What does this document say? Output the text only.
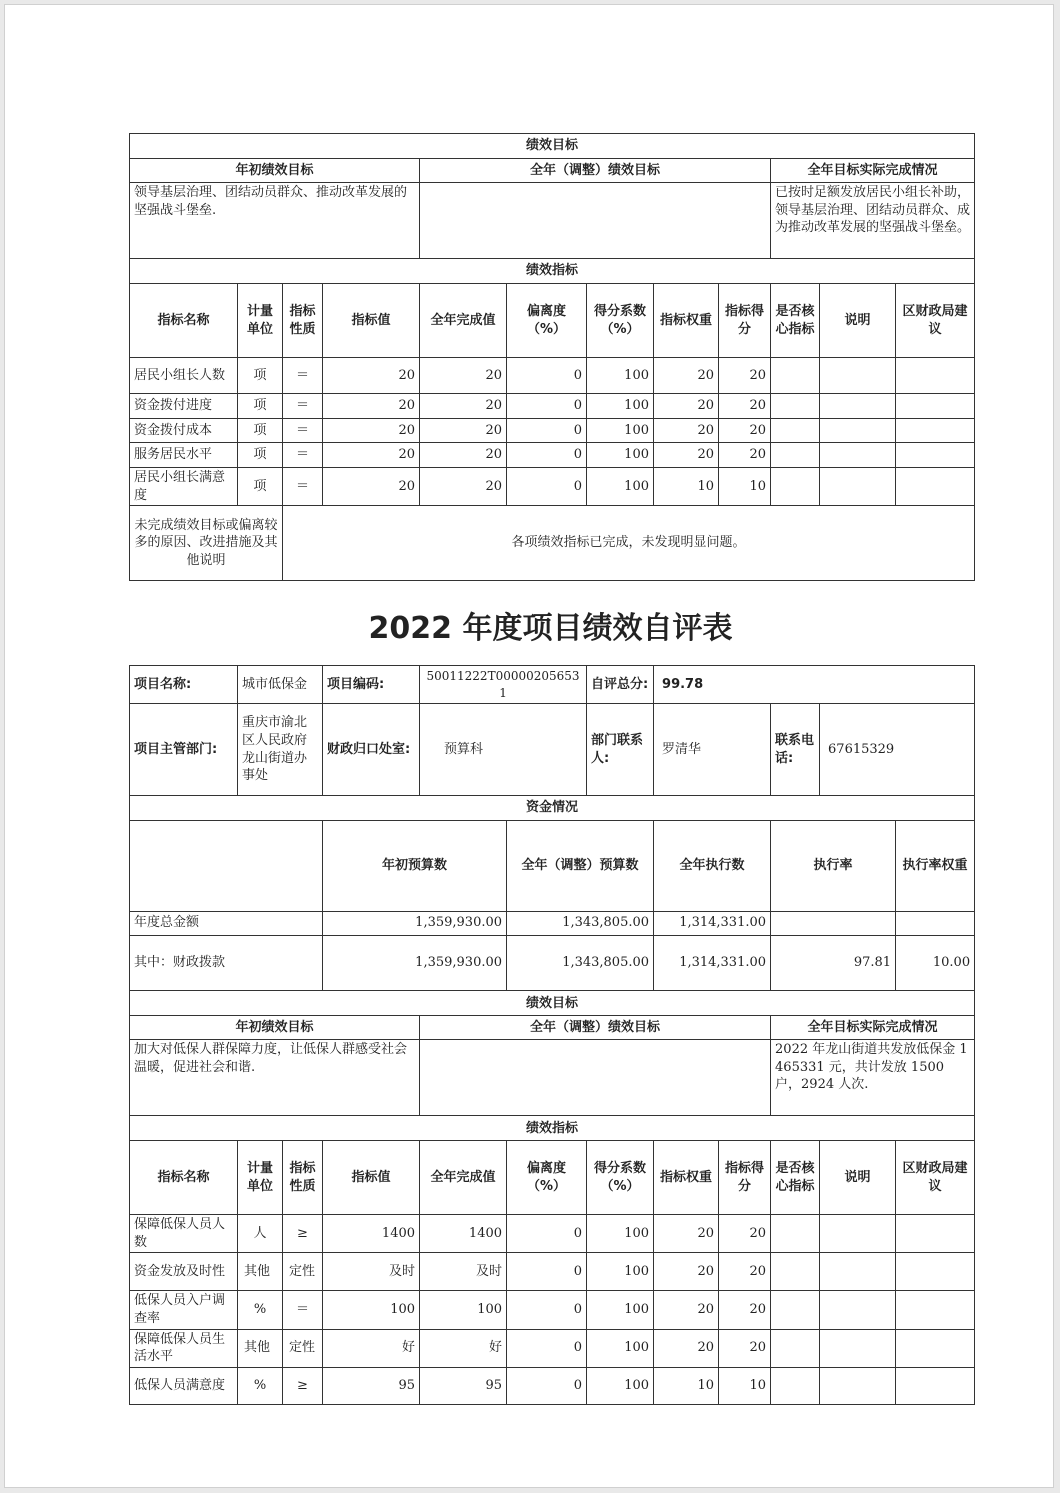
绩效目标											
年初绩效目标				全年（调整）绩效目标					全年目标实际完成情况		
领导基层治理、团结动员群众、推动改革发展的坚强战斗堡垒.									已按时足额发放居民小组长补助，领导基层治理、团结动员群众、成为推动改革发展的坚强战斗堡垒。		
绩效指标											
指标名称	计量单位	指标性质	指标值	全年完成值	偏离度（%）	得分系数（%）	指标权重	指标得分	是否核心指标	说明	区财政局建议
居民小组长人数	项	＝	20	20	0	100	20	20			
资金拨付进度	项	＝	20	20	0	100	20	20			
资金拨付成本	项	＝	20	20	0	100	20	20			
服务居民水平	项	＝	20	20	0	100	20	20			
居民小组长满意度	项	＝	20	20	0	100	10	10			
未完成绩效目标或偏离较多的原因、改进措施及其他说明		各项绩效指标已完成，未发现明显问题。									
2022 年度项目绩效自评表
项目名称:	城市低保金		项目编码:	50011222T000002056531		自评总分:	99.78					
项目主管部门:	重庆市渝北区人民政府龙山街道办事处		财政归口处室:	预算科		部门联系人:	罗清华		联系电话:	67615329		
资金情况												
			年初预算数		全年（调整）预算数		全年执行数		执行率		执行率权重	
年度总金额			1,359,930.00		1,343,805.00		1,314,331.00					
其中：财政拨款			1,359,930.00		1,343,805.00		1,314,331.00		97.81		10.00	
绩效目标												
年初绩效目标				全年（调整）绩效目标					全年目标实际完成情况			
加大对低保人群保障力度，让低保人群感受社会温暖，促进社会和谐.									2022 年龙山街道共发放低保金 1465331 元，共计发放 1500 户，2924 人次.			
绩效指标												
指标名称	计量单位	指标性质	指标值	全年完成值	偏离度（%）	得分系数（%）	指标权重	指标得分	是否核心指标	说明	区财政局建议	
保障低保人员人数	人	≥	1400	1400	0	100	20	20				
资金发放及时性	其他	定性	及时	及时	0	100	20	20				
低保人员入户调查率	%	＝	100	100	0	100	20	20				
保障低保人员生活水平	其他	定性	好	好	0	100	20	20				
低保人员满意度	%	≥	95	95	0	100	10	10				
